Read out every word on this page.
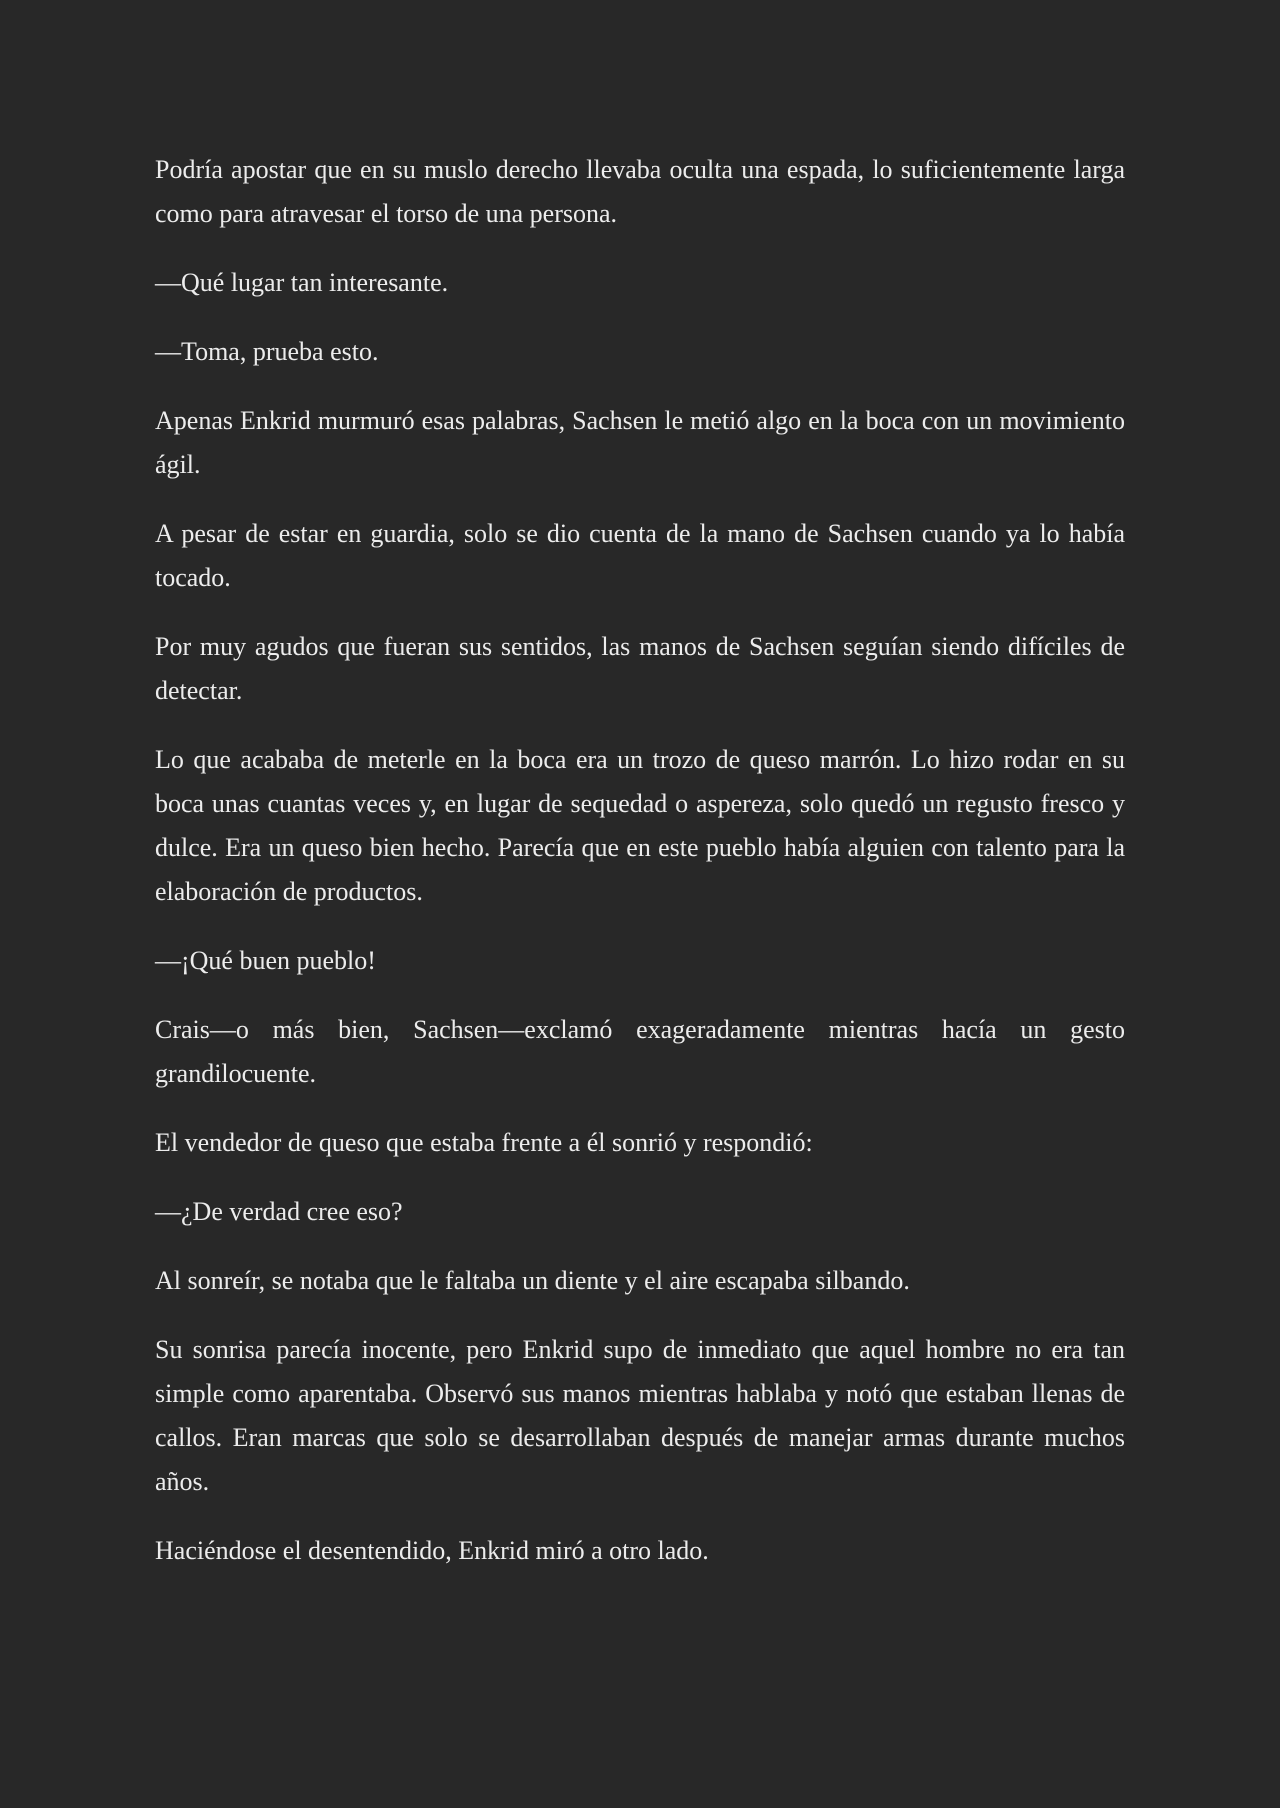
Podría apostar que en su muslo derecho llevaba oculta una espada, lo suficientemente larga como para atravesar el torso de una persona.

—Qué lugar tan interesante.

—Toma, prueba esto.

Apenas Enkrid murmuró esas palabras, Sachsen le metió algo en la boca con un movimiento ágil.

A pesar de estar en guardia, solo se dio cuenta de la mano de Sachsen cuando ya lo había tocado.

Por muy agudos que fueran sus sentidos, las manos de Sachsen seguían siendo difíciles de detectar.

Lo que acababa de meterle en la boca era un trozo de queso marrón. Lo hizo rodar en su boca unas cuantas veces y, en lugar de sequedad o aspereza, solo quedó un regusto fresco y dulce. Era un queso bien hecho. Parecía que en este pueblo había alguien con talento para la elaboración de productos.

—¡Qué buen pueblo!

Crais—o más bien, Sachsen—exclamó exageradamente mientras hacía un gesto grandilocuente.

El vendedor de queso que estaba frente a él sonrió y respondió:

—¿De verdad cree eso?

Al sonreír, se notaba que le faltaba un diente y el aire escapaba silbando.

Su sonrisa parecía inocente, pero Enkrid supo de inmediato que aquel hombre no era tan simple como aparentaba. Observó sus manos mientras hablaba y notó que estaban llenas de callos. Eran marcas que solo se desarrollaban después de manejar armas durante muchos años.

Haciéndose el desentendido, Enkrid miró a otro lado.
